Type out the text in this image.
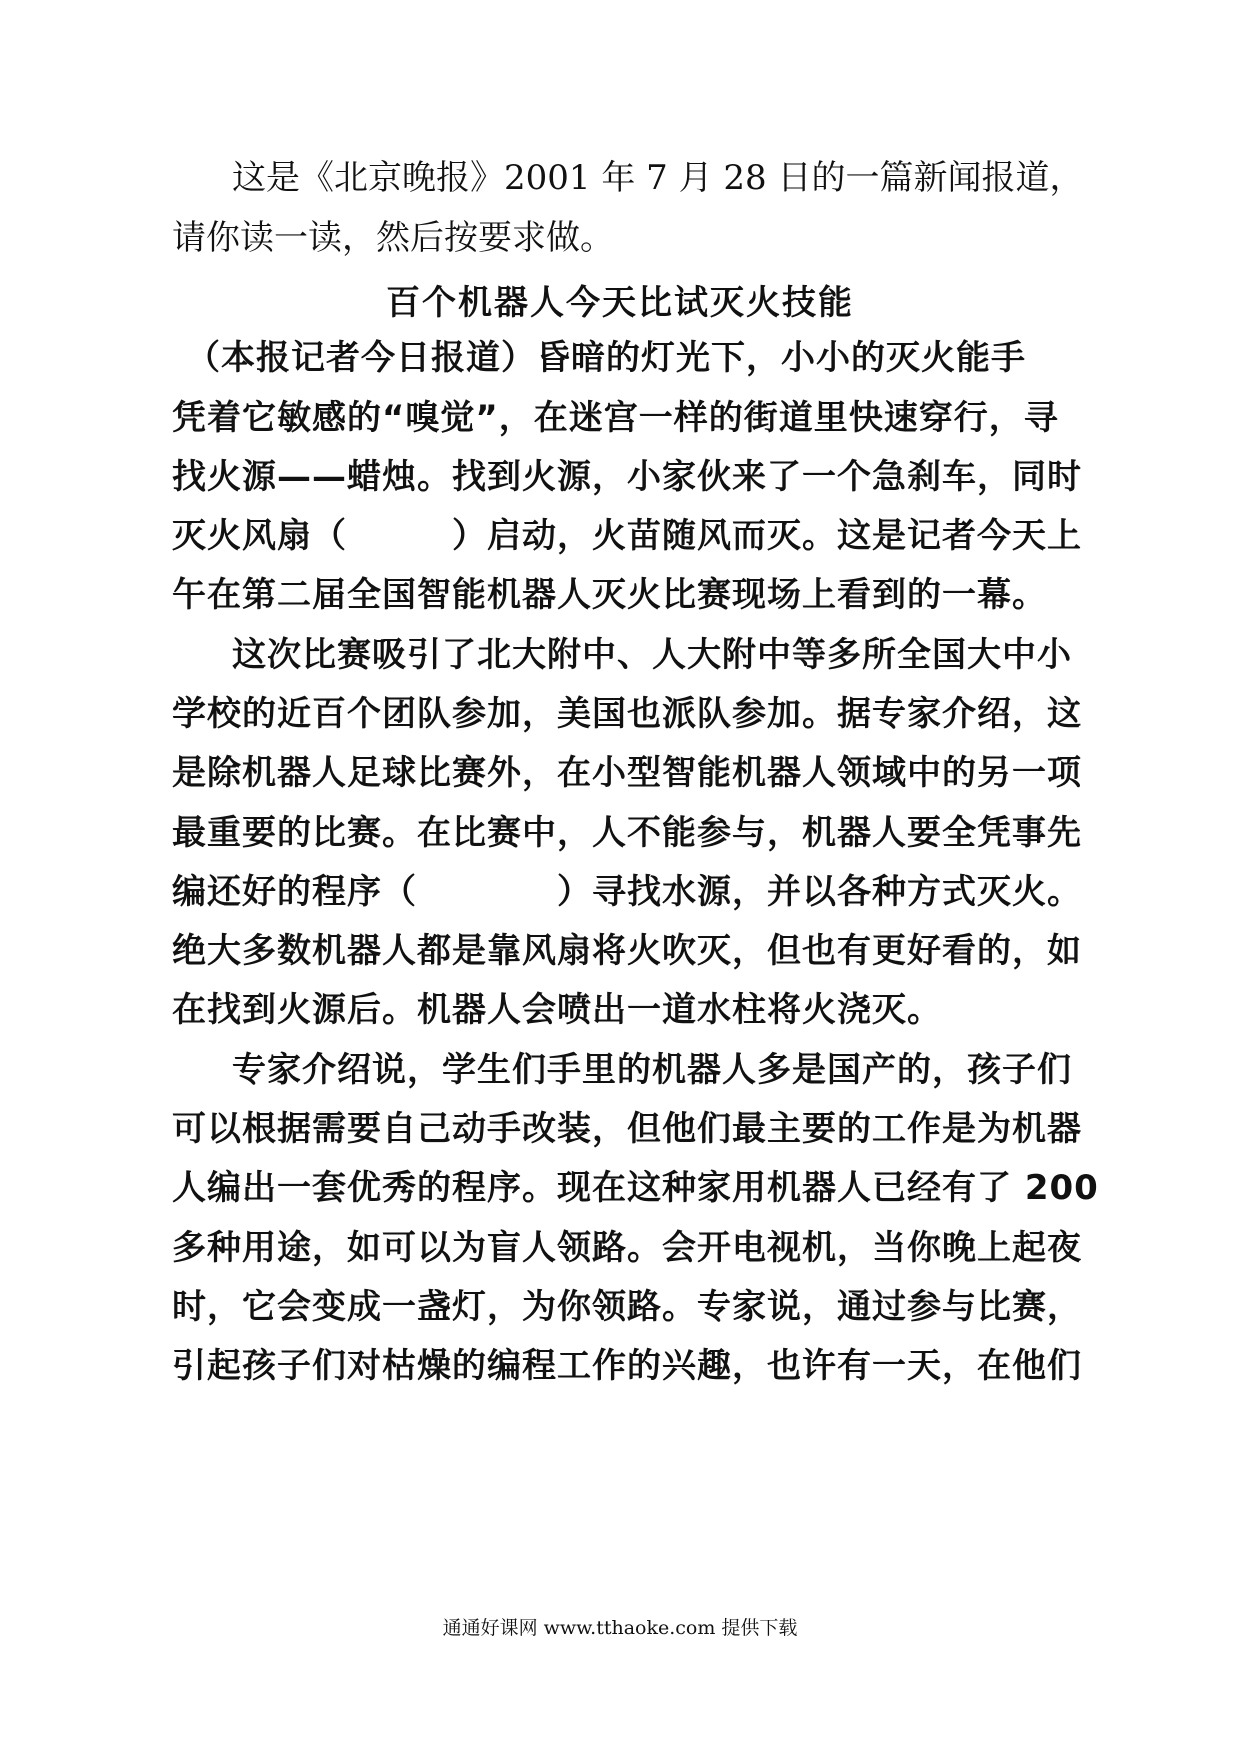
这是《北京晚报》2001 年 7 月 28 日的一篇新闻报道，
请你读一读，然后按要求做。
百个机器人今天比试灭火技能
（本报记者今日报道）昏暗的灯光下，小小的灭火能手
凭着它敏感的“嗅觉”，在迷宫一样的街道里快速穿行，寻
找火源——蜡烛。找到火源，小家伙来了一个急刹车，同时
灭火风扇（　　　）启动，火苗随风而灭。这是记者今天上
午在第二届全国智能机器人灭火比赛现场上看到的一幕。
这次比赛吸引了北大附中、人大附中等多所全国大中小
学校的近百个团队参加，美国也派队参加。据专家介绍，这
是除机器人足球比赛外，在小型智能机器人领域中的另一项
最重要的比赛。在比赛中，人不能参与，机器人要全凭事先
编还好的程序（　　　　）寻找水源，并以各种方式灭火。
绝大多数机器人都是靠风扇将火吹灭，但也有更好看的，如
在找到火源后。机器人会喷出一道水柱将火浇灭。
专家介绍说，学生们手里的机器人多是国产的，孩子们
可以根据需要自己动手改装，但他们最主要的工作是为机器
人编出一套优秀的程序。现在这种家用机器人已经有了 200
多种用途，如可以为盲人领路。会开电视机，当你晚上起夜
时，它会变成一盏灯，为你领路。专家说，通过参与比赛，
引起孩子们对枯燥的编程工作的兴趣，也许有一天，在他们
通通好课网 www.tthaoke.com 提供下载
